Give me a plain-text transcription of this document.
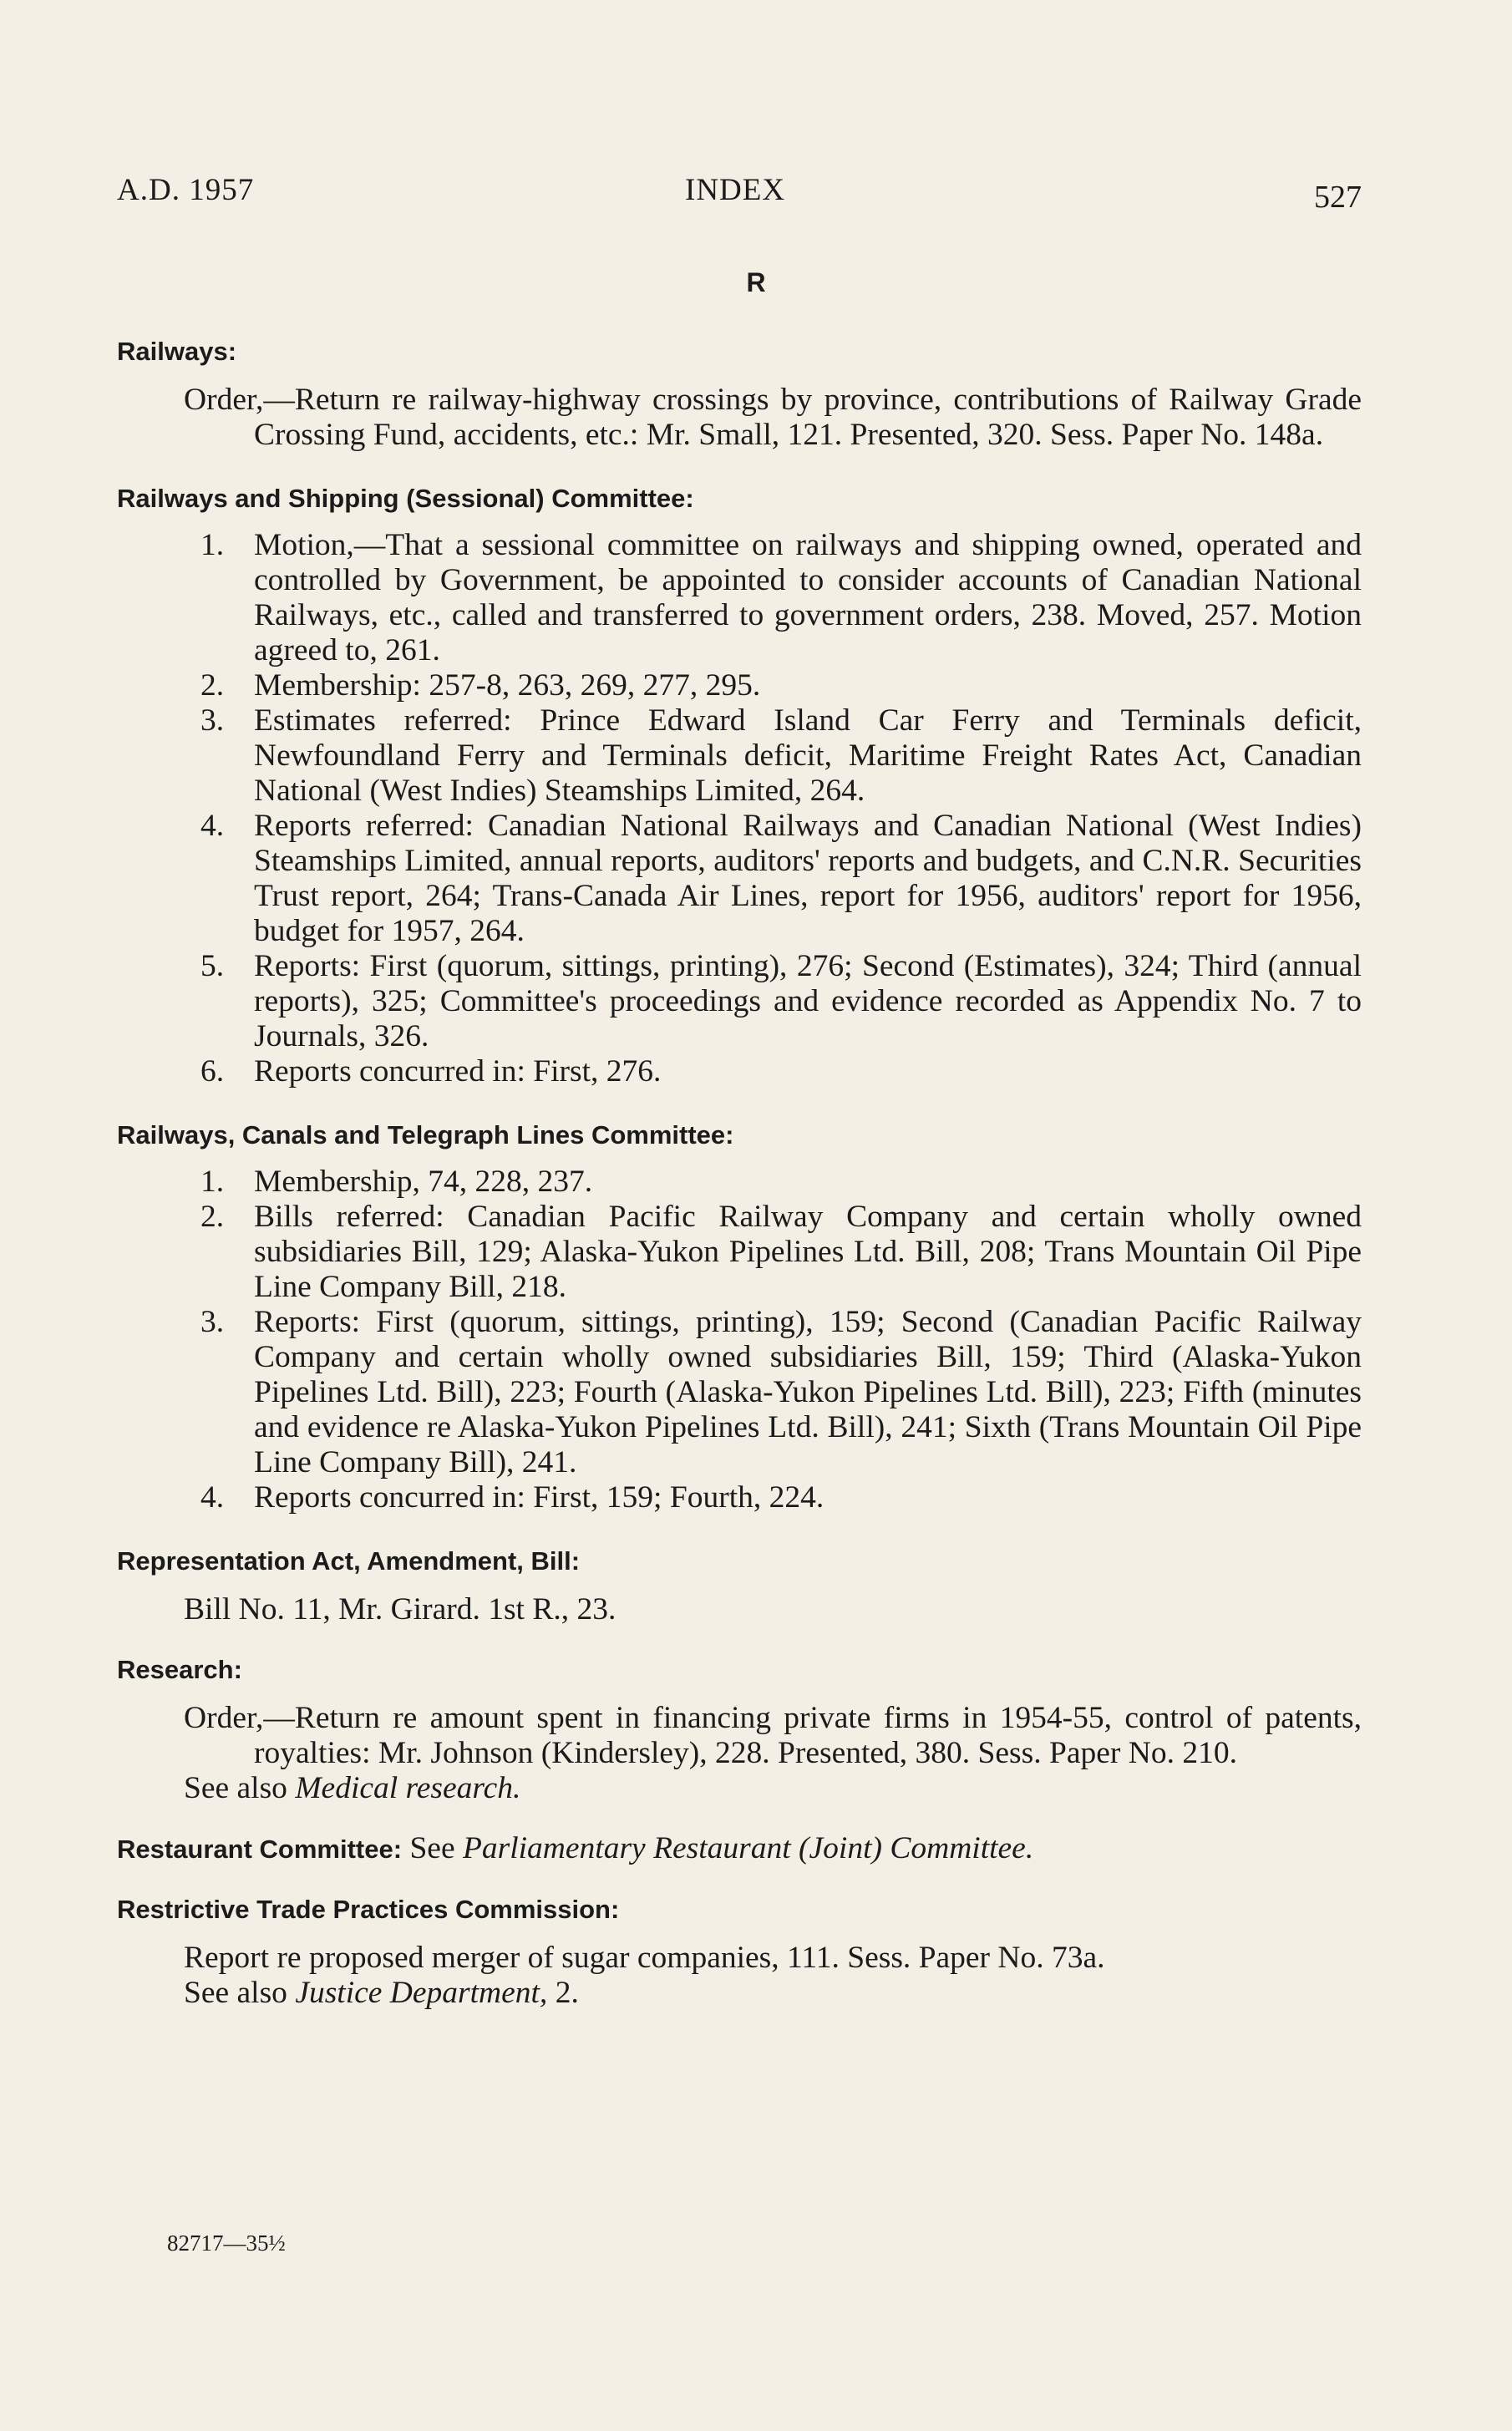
A.D. 1957	INDEX	527
R

Railways:

Order,—Return re railway-highway crossings by province, contributions of Railway Grade Crossing Fund, accidents, etc.: Mr. Small, 121. Presented, 320. Sess. Paper No. 148a.

Railways and Shipping (Sessional) Committee:

1. Motion,—That a sessional committee on railways and shipping owned, operated and controlled by Government, be appointed to consider accounts of Canadian National Railways, etc., called and transferred to government orders, 238. Moved, 257. Motion agreed to, 261.
2. Membership: 257-8, 263, 269, 277, 295.
3. Estimates referred: Prince Edward Island Car Ferry and Terminals deficit, Newfoundland Ferry and Terminals deficit, Maritime Freight Rates Act, Canadian National (West Indies) Steamships Limited, 264.
4. Reports referred: Canadian National Railways and Canadian National (West Indies) Steamships Limited, annual reports, auditors' reports and budgets, and C.N.R. Securities Trust report, 264; Trans-Canada Air Lines, report for 1956, auditors' report for 1956, budget for 1957, 264.
5. Reports: First (quorum, sittings, printing), 276; Second (Estimates), 324; Third (annual reports), 325; Committee's proceedings and evidence recorded as Appendix No. 7 to Journals, 326.
6. Reports concurred in: First, 276.

Railways, Canals and Telegraph Lines Committee:

1. Membership, 74, 228, 237.
2. Bills referred: Canadian Pacific Railway Company and certain wholly owned subsidiaries Bill, 129; Alaska-Yukon Pipelines Ltd. Bill, 208; Trans Mountain Oil Pipe Line Company Bill, 218.
3. Reports: First (quorum, sittings, printing), 159; Second (Canadian Pacific Railway Company and certain wholly owned subsidiaries Bill, 159; Third (Alaska-Yukon Pipelines Ltd. Bill), 223; Fourth (Alaska-Yukon Pipelines Ltd. Bill), 223; Fifth (minutes and evidence re Alaska-Yukon Pipelines Ltd. Bill), 241; Sixth (Trans Mountain Oil Pipe Line Company Bill), 241.
4. Reports concurred in: First, 159; Fourth, 224.

Representation Act, Amendment, Bill:

Bill No. 11, Mr. Girard. 1st R., 23.

Research:

Order,—Return re amount spent in financing private firms in 1954-55, control of patents, royalties: Mr. Johnson (Kindersley), 228. Presented, 380. Sess. Paper No. 210.

See also Medical research.

Restaurant Committee: See Parliamentary Restaurant (Joint) Committee.

Restrictive Trade Practices Commission:

Report re proposed merger of sugar companies, 111. Sess. Paper No. 73a.

See also Justice Department, 2.

82717—35½
